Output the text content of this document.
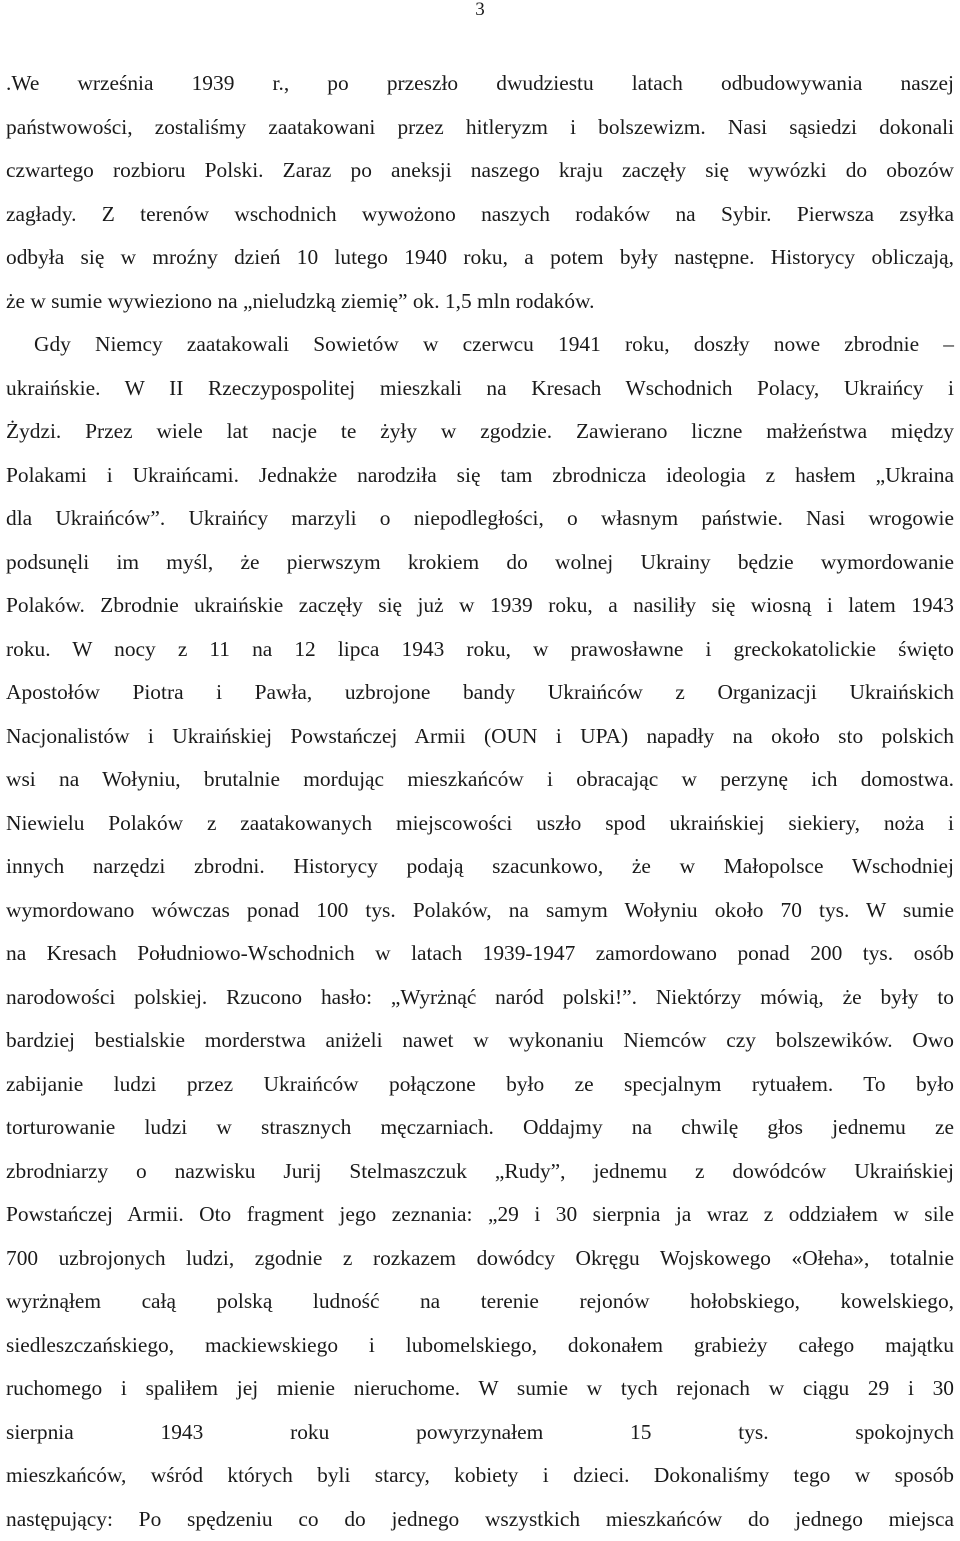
3
.We września 1939 r., po przeszło dwudziestu latach odbudowywania naszej
państwowości, zostaliśmy zaatakowani przez hitleryzm i bolszewizm. Nasi sąsiedzi dokonali
czwartego rozbioru Polski. Zaraz po aneksji naszego kraju zaczęły się wywózki do obozów
zagłady. Z terenów wschodnich wywożono naszych rodaków na Sybir. Pierwsza zsyłka
odbyła się w mroźny dzień 10 lutego 1940 roku, a potem były następne. Historycy obliczają,
że w sumie wywieziono na „nieludzką ziemię” ok. 1,5 mln rodaków.
Gdy Niemcy zaatakowali Sowietów w czerwcu 1941 roku, doszły nowe zbrodnie –
ukraińskie. W II Rzeczypospolitej mieszkali na Kresach Wschodnich Polacy, Ukraińcy i
Żydzi. Przez wiele lat nacje te żyły w zgodzie. Zawierano liczne małżeństwa między
Polakami i Ukraińcami. Jednakże narodziła się tam zbrodnicza ideologia z hasłem „Ukraina
dla Ukraińców”. Ukraińcy marzyli o niepodległości, o własnym państwie. Nasi wrogowie
podsunęli im myśl, że pierwszym krokiem do wolnej Ukrainy będzie wymordowanie
Polaków. Zbrodnie ukraińskie zaczęły się już w 1939 roku, a nasiliły się wiosną i latem 1943
roku. W nocy z 11 na 12 lipca 1943 roku, w prawosławne i greckokatolickie święto
Apostołów Piotra i Pawła, uzbrojone bandy Ukraińców z Organizacji Ukraińskich
Nacjonalistów i Ukraińskiej Powstańczej Armii (OUN i UPA) napadły na około sto polskich
wsi na Wołyniu, brutalnie mordując mieszkańców i obracając w perzynę ich domostwa.
Niewielu Polaków z zaatakowanych miejscowości uszło spod ukraińskiej siekiery, noża i
innych narzędzi zbrodni. Historycy podają szacunkowo, że w Małopolsce Wschodniej
wymordowano wówczas ponad 100 tys. Polaków, na samym Wołyniu około 70 tys. W sumie
na Kresach Południowo-Wschodnich w latach 1939-1947 zamordowano ponad 200 tys. osób
narodowości polskiej. Rzucono hasło: „Wyrżnąć naród polski!”. Niektórzy mówią, że były to
bardziej bestialskie morderstwa aniżeli nawet w wykonaniu Niemców czy bolszewików. Owo
zabijanie ludzi przez Ukraińców połączone było ze specjalnym rytuałem. To było
torturowanie ludzi w strasznych męczarniach. Oddajmy na chwilę głos jednemu ze
zbrodniarzy o nazwisku Jurij Stelmaszczuk „Rudy”, jednemu z dowódców Ukraińskiej
Powstańczej Armii. Oto fragment jego zeznania: „29 i 30 sierpnia ja wraz z oddziałem w sile
700 uzbrojonych ludzi, zgodnie z rozkazem dowódcy Okręgu Wojskowego «Ołeha», totalnie
wyrżnąłem całą polską ludność na terenie rejonów hołobskiego, kowelskiego,
siedleszczańskiego, mackiewskiego i lubomelskiego, dokonałem grabieży całego majątku
ruchomego i spaliłem jej mienie nieruchome. W sumie w tych rejonach w ciągu 29 i 30
sierpnia 1943 roku powyrzynałem 15 tys. spokojnych
mieszkańców, wśród których byli starcy, kobiety i dzieci. Dokonaliśmy tego w sposób
następujący: Po spędzeniu co do jednego wszystkich mieszkańców do jednego miejsca
